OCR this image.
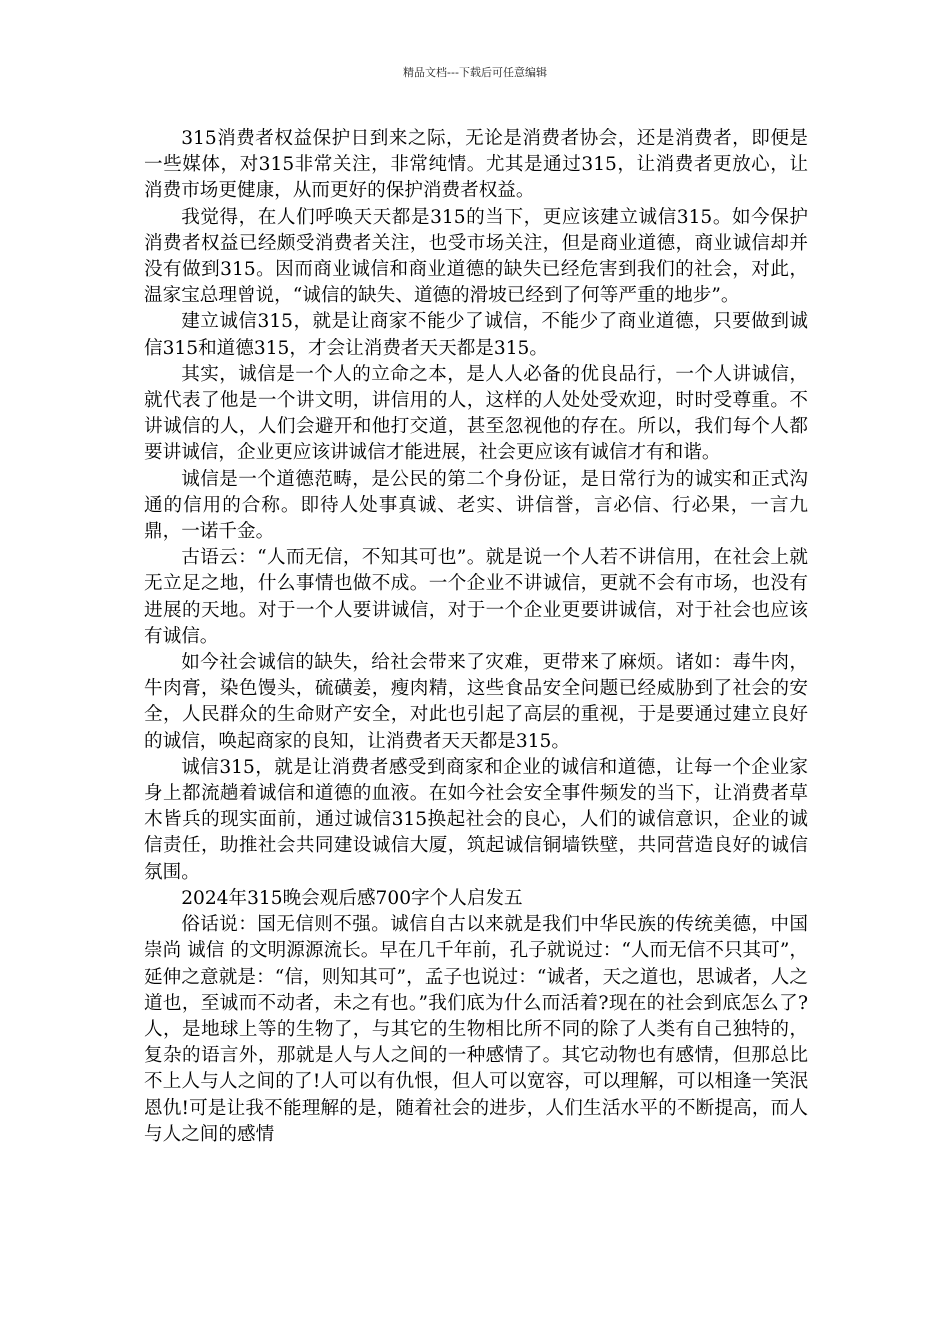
精品文档---下载后可任意编辑

315消费者权益保护日到来之际，无论是消费者协会，还是消费者，即便是一些媒体，对315非常关注，非常纯情。尤其是通过315，让消费者更放心，让消费市场更健康，从而更好的保护消费者权益。

我觉得，在人们呼唤天天都是315的当下，更应该建立诚信315。如今保护消费者权益已经颇受消费者关注，也受市场关注，但是商业道德，商业诚信却并没有做到315。因而商业诚信和商业道德的缺失已经危害到我们的社会，对此，温家宝总理曾说，“诚信的缺失、道德的滑坡已经到了何等严重的地步”。

建立诚信315，就是让商家不能少了诚信，不能少了商业道德，只要做到诚信315和道德315，才会让消费者天天都是315。

其实，诚信是一个人的立命之本，是人人必备的优良品行，一个人讲诚信，就代表了他是一个讲文明，讲信用的人，这样的人处处受欢迎，时时受尊重。不讲诚信的人，人们会避开和他打交道，甚至忽视他的存在。所以，我们每个人都要讲诚信，企业更应该讲诚信才能进展，社会更应该有诚信才有和谐。

诚信是一个道德范畴，是公民的第二个身份证，是日常行为的诚实和正式沟通的信用的合称。即待人处事真诚、老实、讲信誉，言必信、行必果，一言九鼎，一诺千金。

古语云：“人而无信，不知其可也”。就是说一个人若不讲信用，在社会上就无立足之地，什么事情也做不成。一个企业不讲诚信，更就不会有市场，也没有进展的天地。对于一个人要讲诚信，对于一个企业更要讲诚信，对于社会也应该有诚信。

如今社会诚信的缺失，给社会带来了灾难，更带来了麻烦。诸如：毒牛肉，牛肉膏，染色馒头，硫磺姜，瘦肉精，这些食品安全问题已经威胁到了社会的安全，人民群众的生命财产安全，对此也引起了高层的重视，于是要通过建立良好的诚信，唤起商家的良知，让消费者天天都是315。

诚信315，就是让消费者感受到商家和企业的诚信和道德，让每一个企业家身上都流趟着诚信和道德的血液。在如今社会安全事件频发的当下，让消费者草木皆兵的现实面前，通过诚信315换起社会的良心，人们的诚信意识，企业的诚信责任，助推社会共同建设诚信大厦，筑起诚信铜墙铁壁，共同营造良好的诚信氛围。

2024年315晚会观后感700字个人启发五

俗话说：国无信则不强。诚信自古以来就是我们中华民族的传统美德，中国崇尚 诚信 的文明源源流长。早在几千年前，孔子就说过：“人而无信不只其可”，延伸之意就是：“信，则知其可”，孟子也说过：“诚者，天之道也，思诚者，人之道也，至诚而不动者，未之有也。”我们底为什么而活着?现在的社会到底怎么了?人，是地球上等的生物了，与其它的生物相比所不同的除了人类有自己独特的，复杂的语言外，那就是人与人之间的一种感情了。其它动物也有感情，但那总比不上人与人之间的了!人可以有仇恨，但人可以宽容，可以理解，可以相逢一笑泯恩仇!可是让我不能理解的是，随着社会的进步，人们生活水平的不断提高，而人与人之间的感情
